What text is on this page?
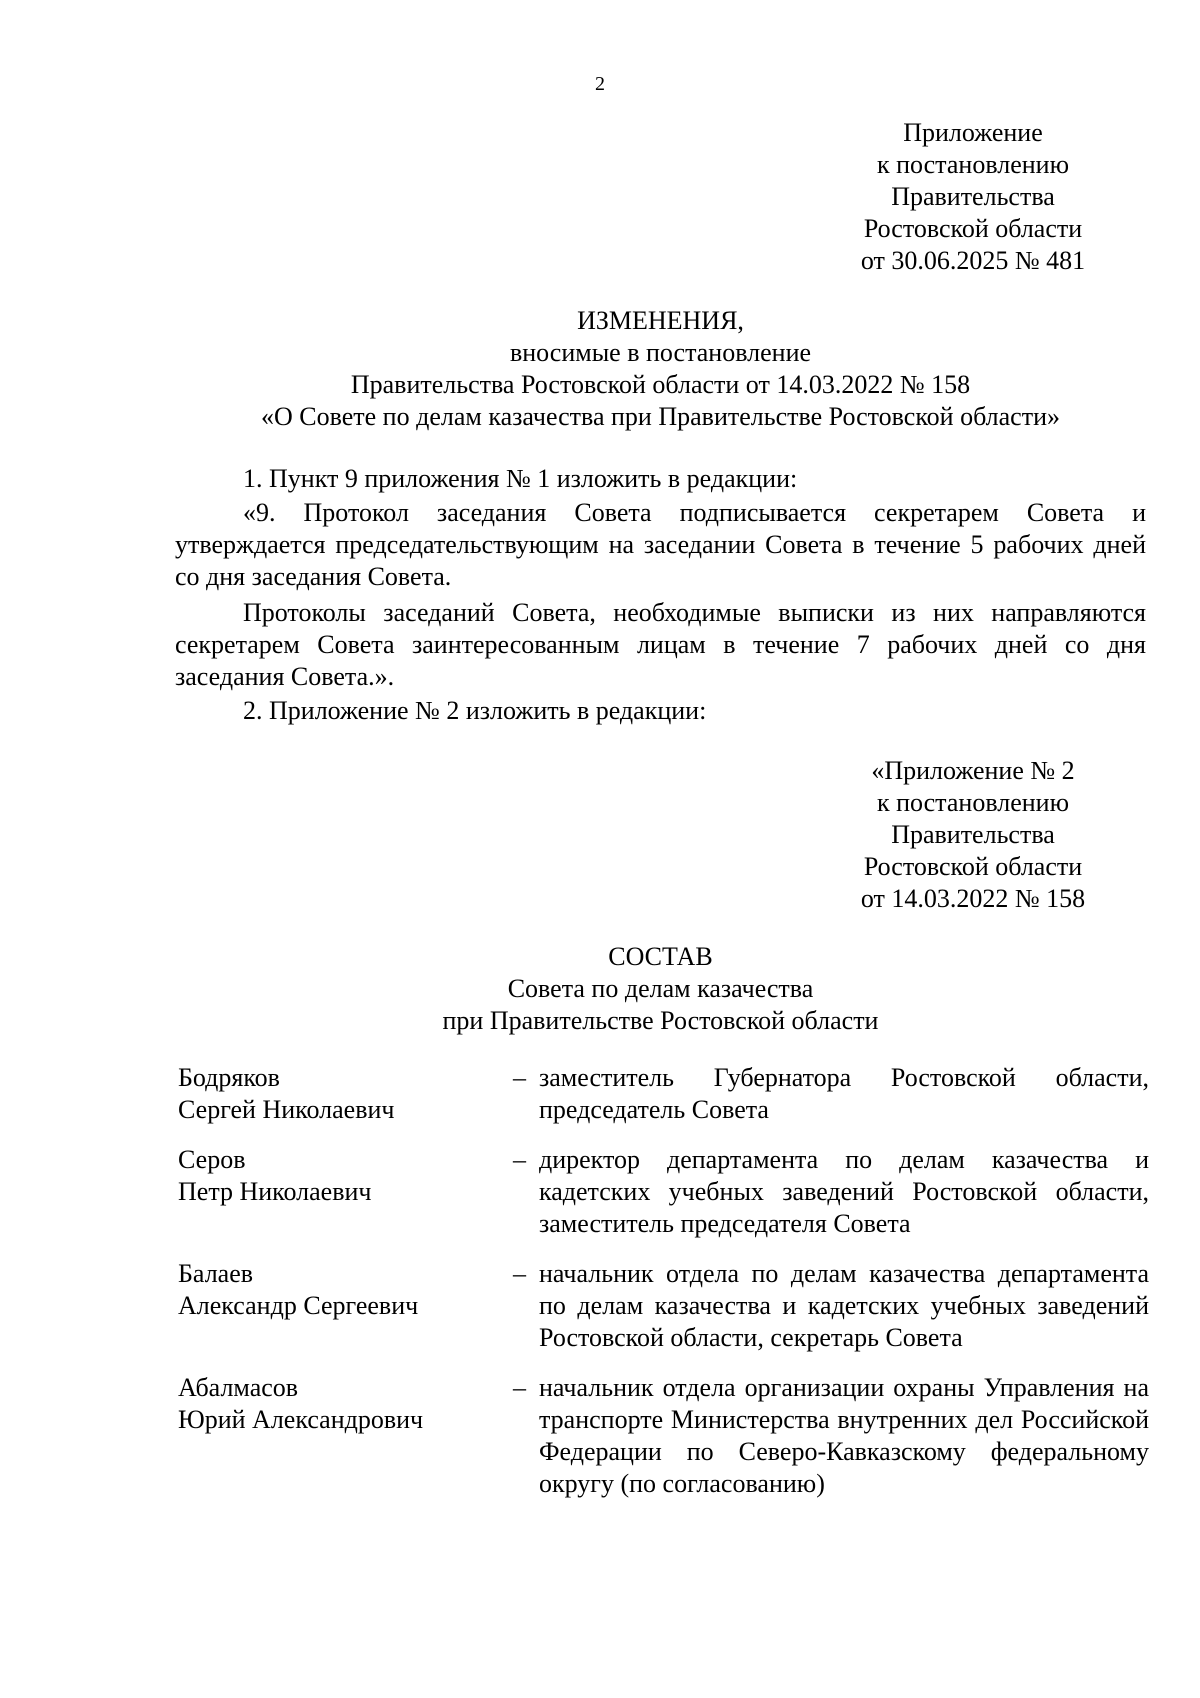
2
Приложение
к постановлению
Правительства
Ростовской области
от 30.06.2025 № 481
ИЗМЕНЕНИЯ,
вносимые в постановление
Правительства Ростовской области от 14.03.2022 № 158
«О Совете по делам казачества при Правительстве Ростовской области»
1. Пункт 9 приложения № 1 изложить в редакции:
«9. Протокол заседания Совета подписывается секретарем Совета и утверждается председательствующим на заседании Совета в течение 5 рабочих дней со дня заседания Совета.
Протоколы заседаний Совета, необходимые выписки из них направляются секретарем Совета заинтересованным лицам в течение 7 рабочих дней со дня заседания Совета.».
2. Приложение № 2 изложить в редакции:
«Приложение № 2
к постановлению
Правительства
Ростовской области
от 14.03.2022 № 158
СОСТАВ
Совета по делам казачества
при Правительстве Ростовской области
Бодряков
Сергей Николаевич
– заместитель Губернатора Ростовской области, председатель Совета
Серов
Петр Николаевич
– директор департамента по делам казачества и кадетских учебных заведений Ростовской области, заместитель председателя Совета
Балаев
Александр Сергеевич
– начальник отдела по делам казачества департамента по делам казачества и кадетских учебных заведений Ростовской области, секретарь Совета
Абалмасов
Юрий Александрович
– начальник отдела организации охраны Управления на транспорте Министерства внутренних дел Российской Федерации по Северо-Кавказскому федеральному округу (по согласованию)
